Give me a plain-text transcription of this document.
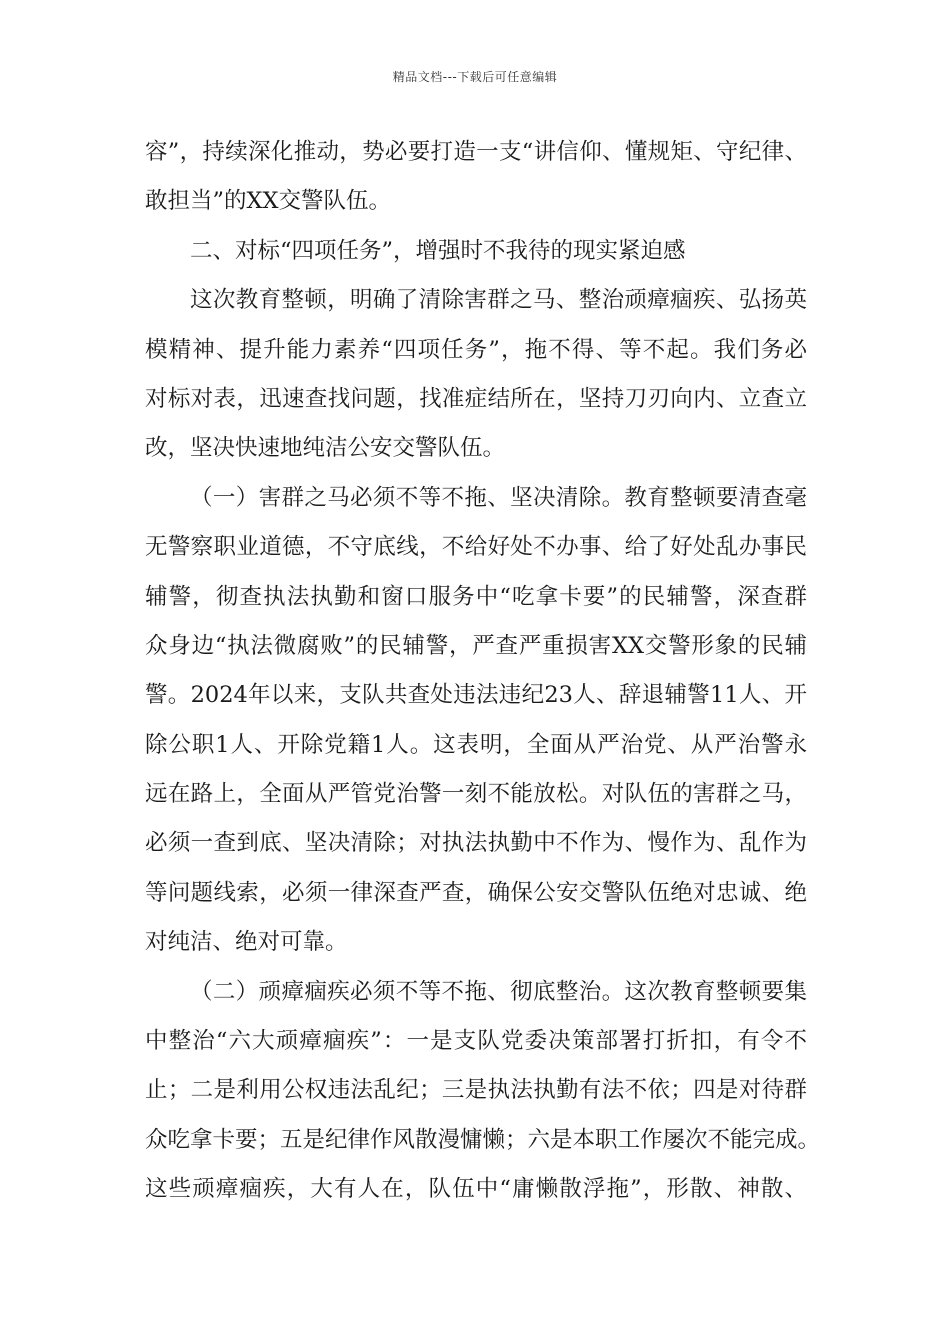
精品文档---下载后可任意编辑
容”，持续深化推动，势必要打造一支“讲信仰、懂规矩、守纪律、
敢担当”的XX交警队伍。
二、对标“四项任务”，增强时不我待的现实紧迫感
这次教育整顿，明确了清除害群之马、整治顽瘴痼疾、弘扬英
模精神、提升能力素养“四项任务”，拖不得、等不起。我们务必
对标对表，迅速查找问题，找准症结所在，坚持刀刃向内、立查立
改，坚决快速地纯洁公安交警队伍。
（一）害群之马必须不等不拖、坚决清除。教育整顿要清查毫
无警察职业道德，不守底线，不给好处不办事、给了好处乱办事民
辅警，彻查执法执勤和窗口服务中“吃拿卡要”的民辅警，深查群
众身边“执法微腐败”的民辅警，严查严重损害XX交警形象的民辅
警。2024年以来，支队共查处违法违纪23人、辞退辅警11人、开
除公职1人、开除党籍1人。这表明，全面从严治党、从严治警永
远在路上，全面从严管党治警一刻不能放松。对队伍的害群之马，
必须一查到底、坚决清除；对执法执勤中不作为、慢作为、乱作为
等问题线索，必须一律深查严查，确保公安交警队伍绝对忠诚、绝
对纯洁、绝对可靠。
（二）顽瘴痼疾必须不等不拖、彻底整治。这次教育整顿要集
中整治“六大顽瘴痼疾”：一是支队党委决策部署打折扣，有令不
止；二是利用公权违法乱纪；三是执法执勤有法不依；四是对待群
众吃拿卡要；五是纪律作风散漫慵懒；六是本职工作屡次不能完成。
这些顽瘴痼疾，大有人在，队伍中“庸懒散浮拖”，形散、神散、
